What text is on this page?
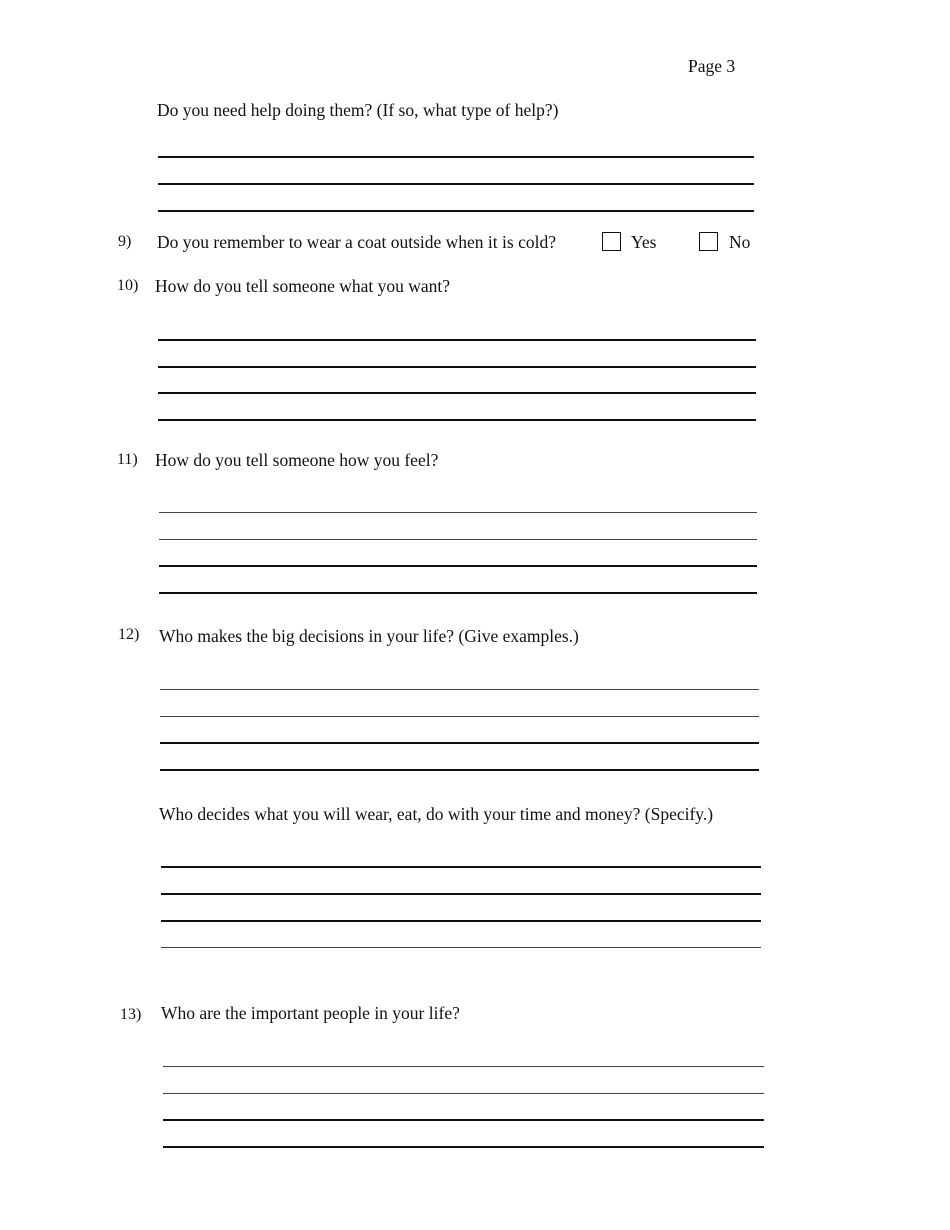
Page 3
Do you need help doing them? (If so, what type of help?)
9) Do you remember to wear a coat outside when it is cold?	Yes	No
10) How do you tell someone what you want?
11) How do you tell someone how you feel?
12) Who makes the big decisions in your life? (Give examples.)
Who decides what you will wear, eat, do with your time and money? (Specify.)
13) Who are the important people in your life?
